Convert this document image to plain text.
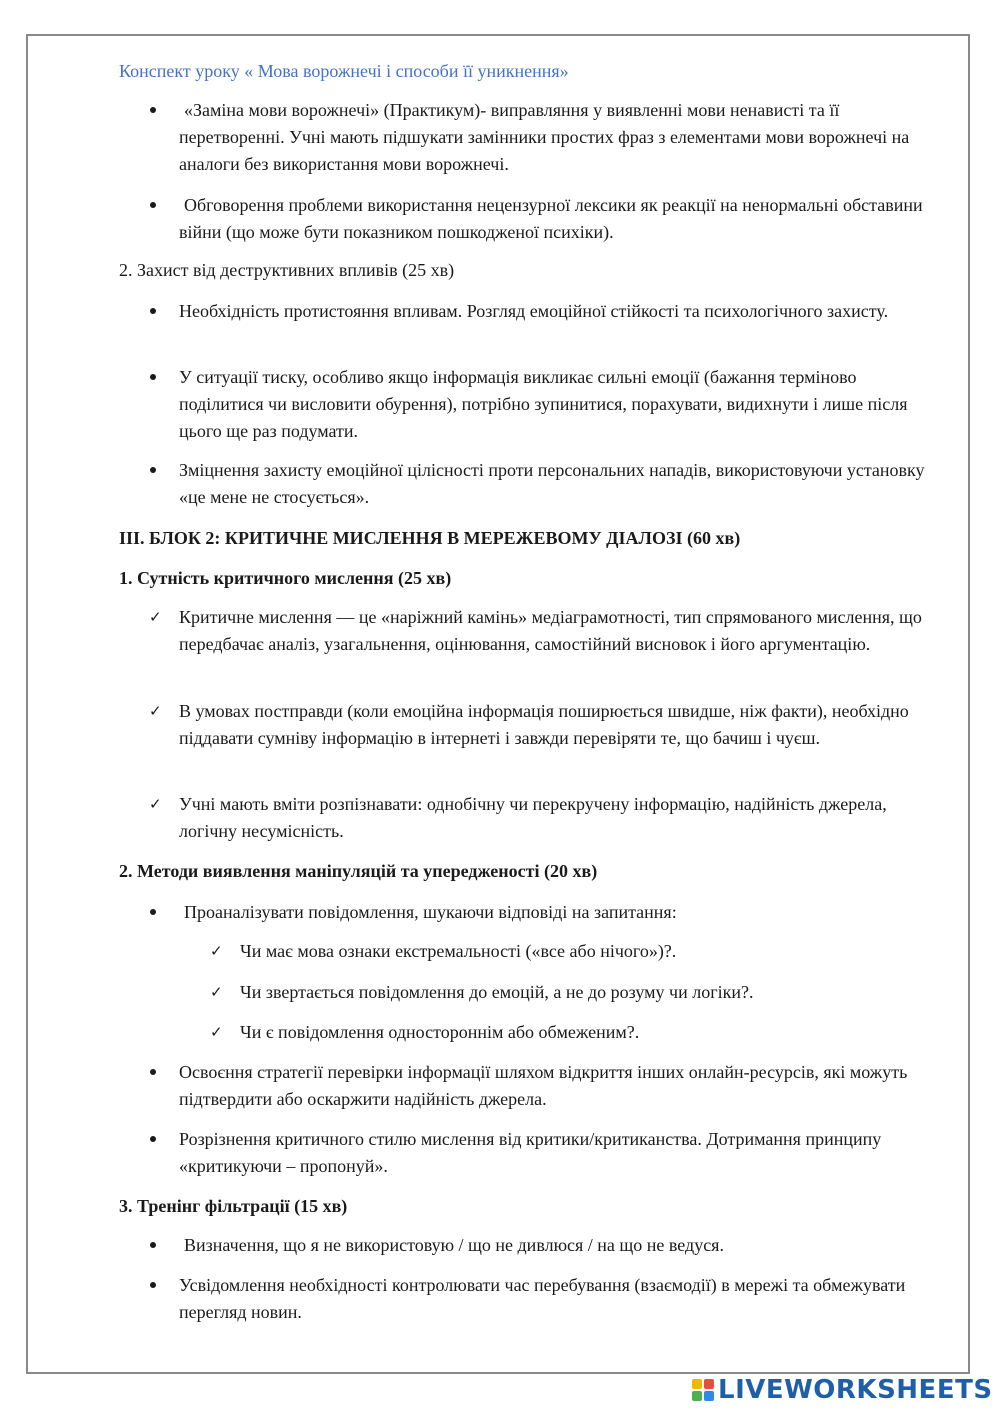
Конспект уроку « Мова ворожнечі і способи її уникнення»
«Заміна мови ворожнечі» (Практикум)- виправляння у виявленні мови ненависті та її перетворенні. Учні мають підшукати замінники простих фраз з елементами мови ворожнечі на аналоги без використання мови ворожнечі.
Обговорення проблеми використання нецензурної лексики як реакції на ненормальні обставини війни (що може бути показником пошкодженої психіки).

2. Захист від деструктивних впливів (25 хв)

Необхідність протистояння впливам. Розгляд емоційної стійкості та психологічного захисту.
У ситуації тиску, особливо якщо інформація викликає сильні емоції (бажання терміново поділитися чи висловити обурення), потрібно зупинитися, порахувати, видихнути і лише після цього ще раз подумати.
Зміцнення захисту емоційної цілісності проти персональних нападів, використовуючи установку «це мене не стосується».

ІІІ. БЛОК 2: КРИТИЧНЕ МИСЛЕННЯ В МЕРЕЖЕВОМУ ДІАЛОЗІ (60 хв)

1. Сутність критичного мислення (25 хв)

✓ Критичне мислення — це «наріжний камінь» медіаграмотності, тип спрямованого мислення, що передбачає аналіз, узагальнення, оцінювання, самостійний висновок і його аргументацію.
✓ В умовах постправди (коли емоційна інформація поширюється швидше, ніж факти), необхідно піддавати сумніву інформацію в інтернеті і завжди перевіряти те, що бачиш і чуєш.
✓ Учні мають вміти розпізнавати: однобічну чи перекручену інформацію, надійність джерела, логічну несумісність.

2. Методи виявлення маніпуляцій та упередженості (20 хв)

Проаналізувати повідомлення, шукаючи відповіді на запитання:
✓ Чи має мова ознаки екстремальності («все або нічого»)?.
✓ Чи звертається повідомлення до емоцій, а не до розуму чи логіки?.
✓ Чи є повідомлення одностороннім або обмеженим?.
Освоєння стратегії перевірки інформації шляхом відкриття інших онлайн-ресурсів, які можуть підтвердити або оскаржити надійність джерела.
Розрізнення критичного стилю мислення від критики/критиканства. Дотримання принципу «критикуючи – пропонуй».

3. Тренінг фільтрації (15 хв)

Визначення, що я не використовую / що не дивлюся / на що не ведуся.
Усвідомлення необхідності контролювати час перебування (взаємодії) в мережі та обмежувати перегляд новин.
LIVEWORKSHEETS
